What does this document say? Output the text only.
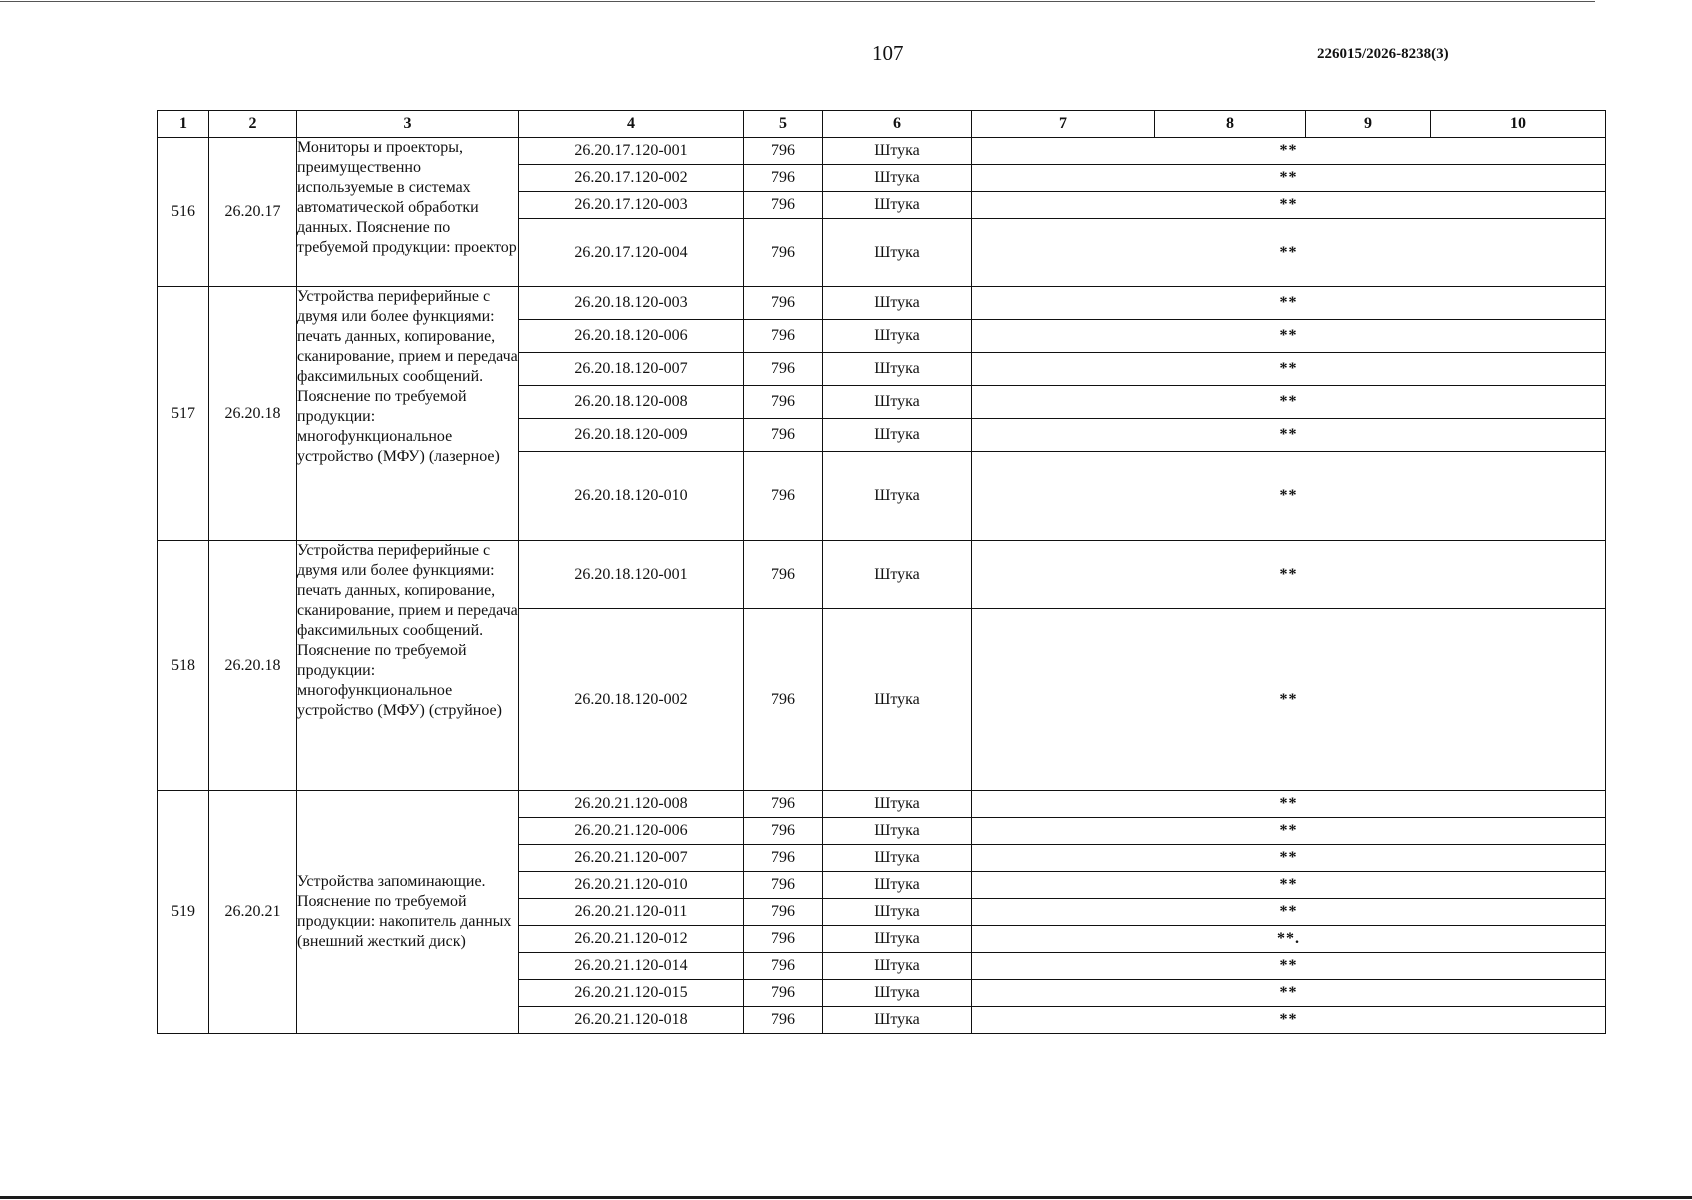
107	226015/2026-8238(3)
1	2	3	4	5	6	7	8	9	10
516	26.20.17	Мониторы и проекторы, преимущественно используемые в системах автоматической обработки данных. Пояснение по требуемой продукции: проектор	26.20.17.120-001	796	Штука	**			
			26.20.17.120-002	796	Штука	**			
			26.20.17.120-003	796	Штука	**			
			26.20.17.120-004	796	Штука	**			
517	26.20.18	Устройства периферийные с двумя или более функциями: печать данных, копирование, сканирование, прием и передача факсимильных сообщений. Пояснение по требуемой продукции: многофункциональное устройство (МФУ) (лазерное)	26.20.18.120-003	796	Штука	**			
			26.20.18.120-006	796	Штука	**			
			26.20.18.120-007	796	Штука	**			
			26.20.18.120-008	796	Штука	**			
			26.20.18.120-009	796	Штука	**			
			26.20.18.120-010	796	Штука	**			
518	26.20.18	Устройства периферийные с двумя или более функциями: печать данных, копирование, сканирование, прием и передача факсимильных сообщений. Пояснение по требуемой продукции: многофункциональное устройство (МФУ) (струйное)	26.20.18.120-001	796	Штука	**			
			26.20.18.120-002	796	Штука	**			
519	26.20.21	Устройства запоминающие. Пояснение по требуемой продукции: накопитель данных (внешний жесткий диск)	26.20.21.120-008	796	Штука	**			
			26.20.21.120-006	796	Штука	**			
			26.20.21.120-007	796	Штука	**			
			26.20.21.120-010	796	Штука	**			
			26.20.21.120-011	796	Штука	**			
			26.20.21.120-012	796	Штука	**.			
			26.20.21.120-014	796	Штука	**			
			26.20.21.120-015	796	Штука	**			
			26.20.21.120-018	796	Штука	**			
